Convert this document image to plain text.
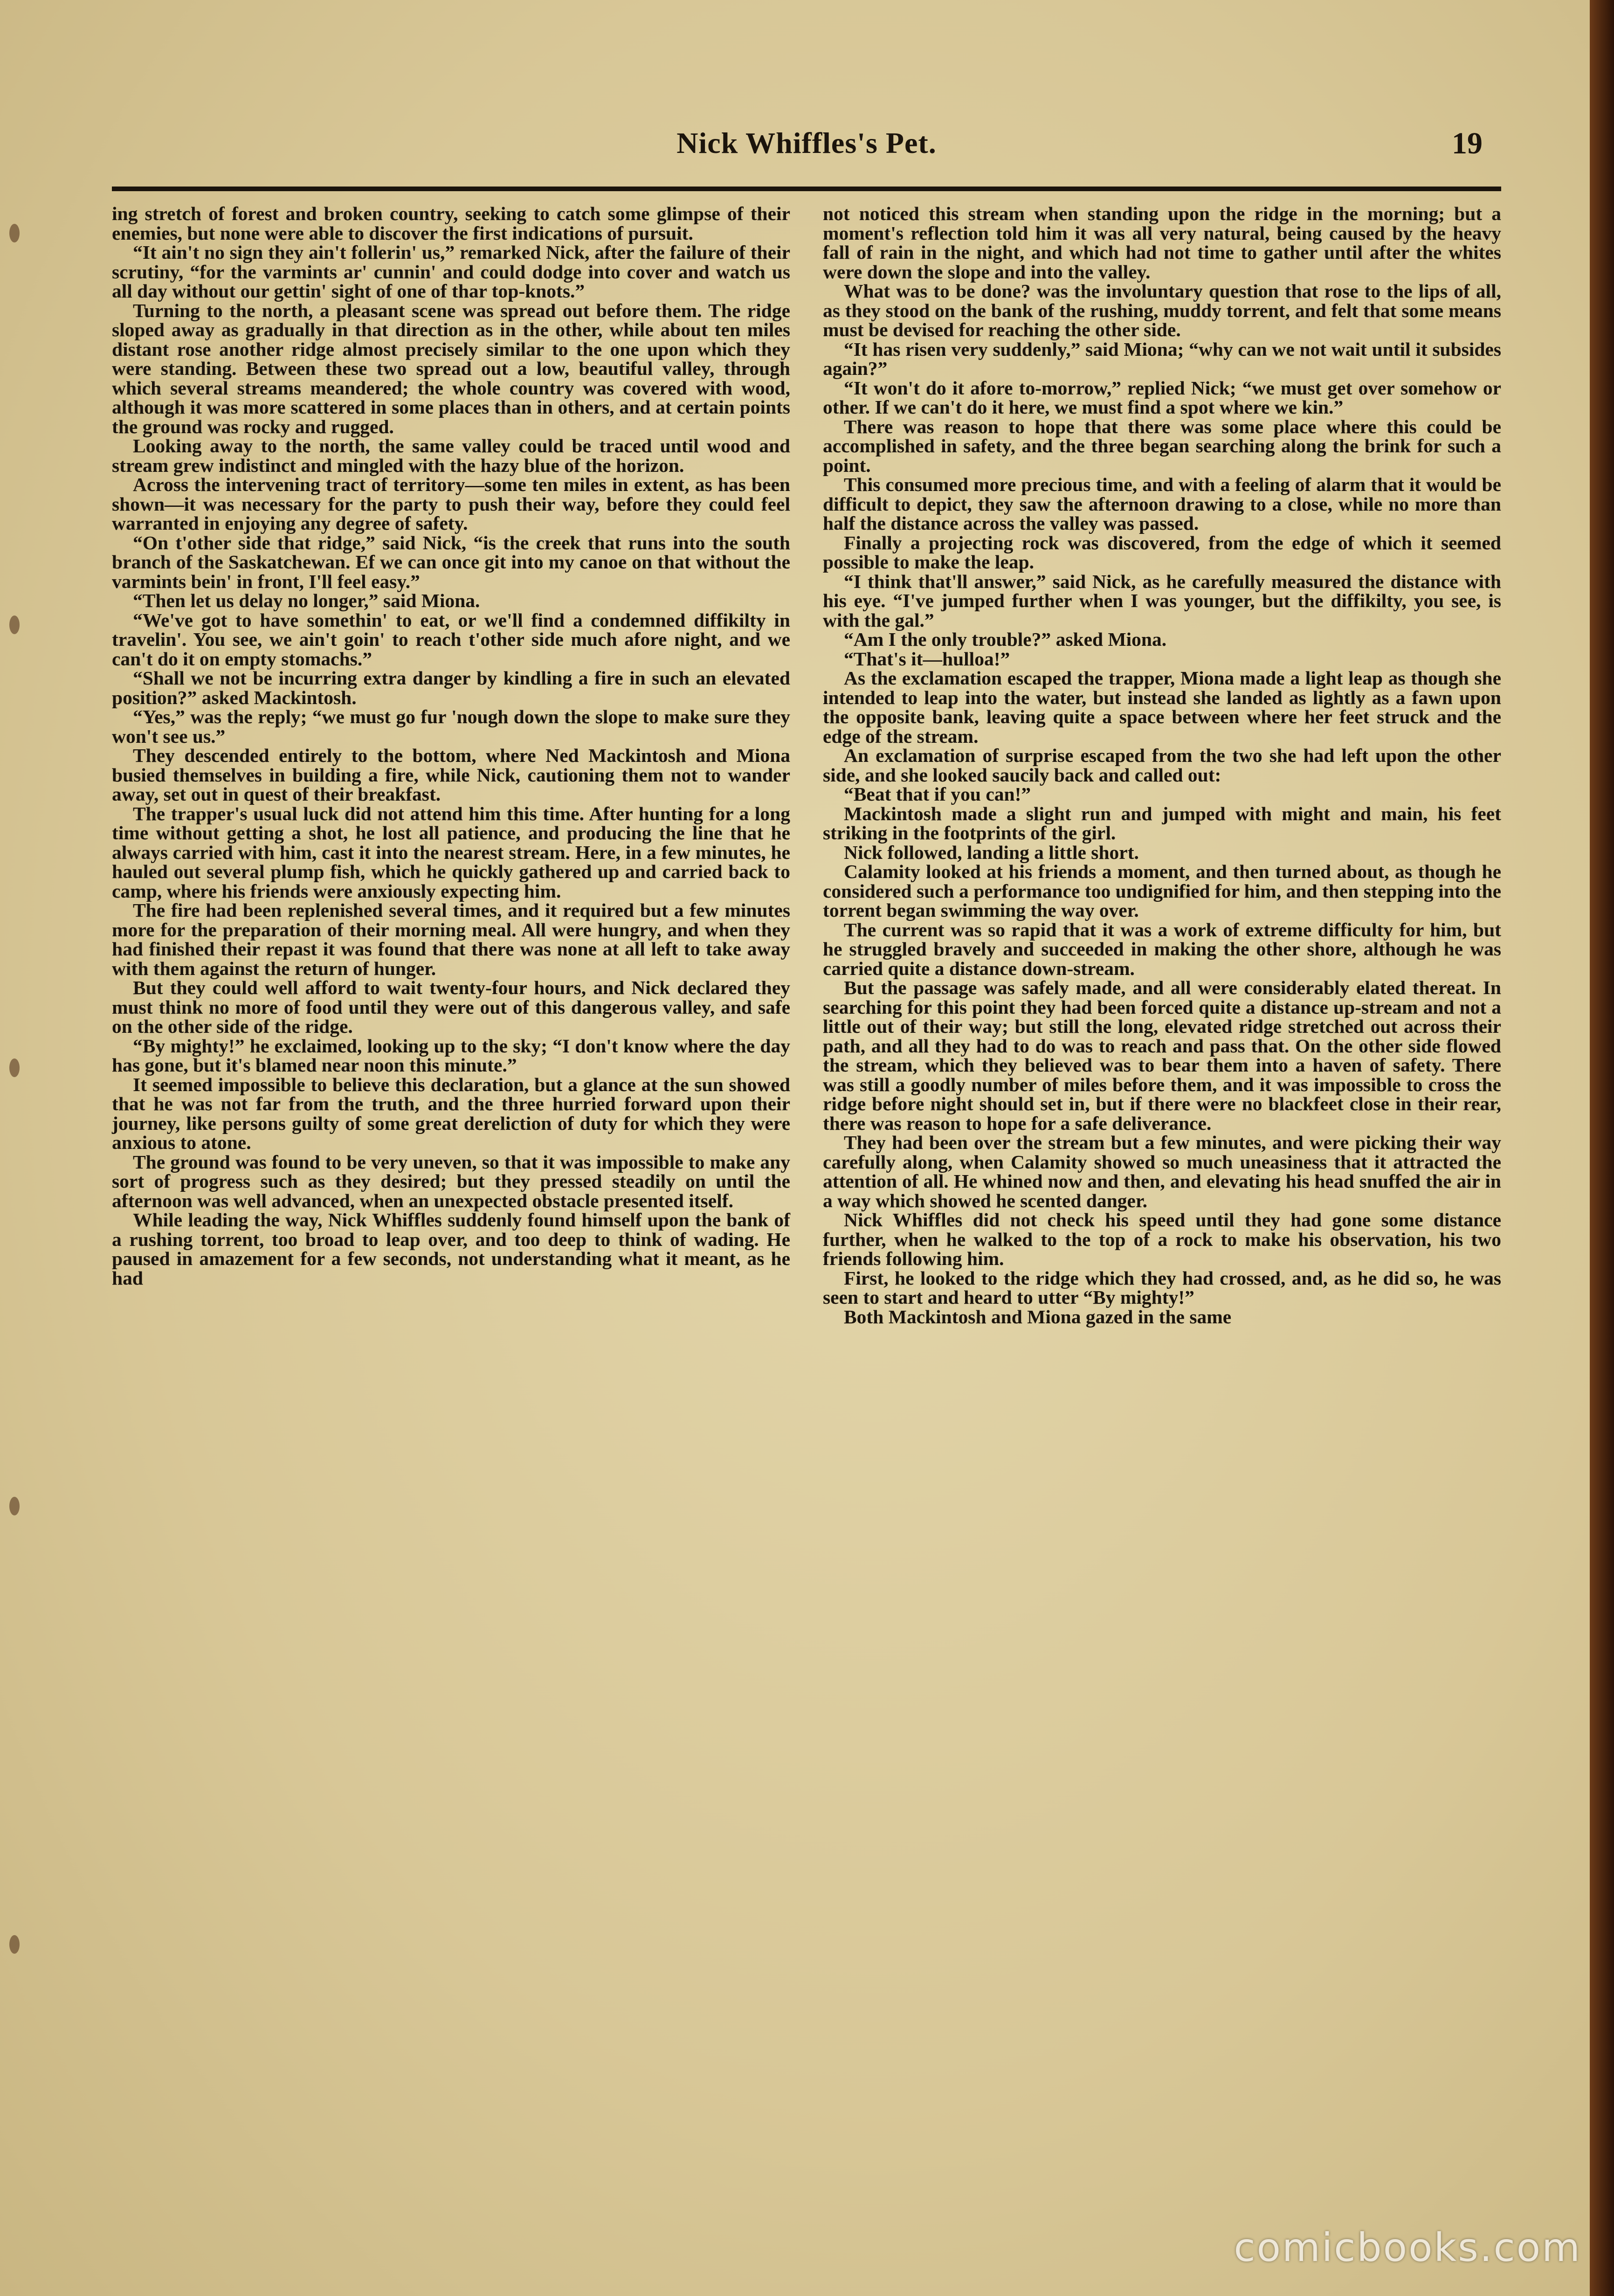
Nick Whiffles's Pet.	19

ing stretch of forest and broken country, seeking to catch some glimpse of their enemies, but none were able to discover the first indications of pursuit.

“It ain't no sign they ain't follerin' us,” remarked Nick, after the failure of their scrutiny, “for the varmints ar' cunnin' and could dodge into cover and watch us all day without our gettin' sight of one of thar top-knots.”

Turning to the north, a pleasant scene was spread out before them. The ridge sloped away as gradually in that direction as in the other, while about ten miles distant rose another ridge almost precisely similar to the one upon which they were standing. Between these two spread out a low, beautiful valley, through which several streams meandered; the whole country was covered with wood, although it was more scattered in some places than in others, and at certain points the ground was rocky and rugged.

Looking away to the north, the same valley could be traced until wood and stream grew indistinct and mingled with the hazy blue of the horizon.

Across the intervening tract of territory—some ten miles in extent, as has been shown—it was necessary for the party to push their way, before they could feel warranted in enjoying any degree of safety.

“On t'other side that ridge,” said Nick, “is the creek that runs into the south branch of the Saskatchewan. Ef we can once git into my canoe on that without the varmints bein' in front, I'll feel easy.”

“Then let us delay no longer,” said Miona.

“We've got to have somethin' to eat, or we'll find a condemned diffikilty in travelin'. You see, we ain't goin' to reach t'other side much afore night, and we can't do it on empty stomachs.”

“Shall we not be incurring extra danger by kindling a fire in such an elevated position?” asked Mackintosh.

“Yes,” was the reply; “we must go fur 'nough down the slope to make sure they won't see us.”

They descended entirely to the bottom, where Ned Mackintosh and Miona busied themselves in building a fire, while Nick, cautioning them not to wander away, set out in quest of their breakfast.

The trapper's usual luck did not attend him this time. After hunting for a long time without getting a shot, he lost all patience, and producing the line that he always carried with him, cast it into the nearest stream. Here, in a few minutes, he hauled out several plump fish, which he quickly gathered up and carried back to camp, where his friends were anxiously expecting him.

The fire had been replenished several times, and it required but a few minutes more for the preparation of their morning meal. All were hungry, and when they had finished their repast it was found that there was none at all left to take away with them against the return of hunger.

But they could well afford to wait twenty-four hours, and Nick declared they must think no more of food until they were out of this dangerous valley, and safe on the other side of the ridge.

“By mighty!” he exclaimed, looking up to the sky; “I don't know where the day has gone, but it's blamed near noon this minute.”

It seemed impossible to believe this declaration, but a glance at the sun showed that he was not far from the truth, and the three hurried forward upon their journey, like persons guilty of some great dereliction of duty for which they were anxious to atone.

The ground was found to be very uneven, so that it was impossible to make any sort of progress such as they desired; but they pressed steadily on until the afternoon was well advanced, when an unexpected obstacle presented itself.

While leading the way, Nick Whiffles suddenly found himself upon the bank of a rushing torrent, too broad to leap over, and too deep to think of wading. He paused in amazement for a few seconds, not understanding what it meant, as he had

not noticed this stream when standing upon the ridge in the morning; but a moment's reflection told him it was all very natural, being caused by the heavy fall of rain in the night, and which had not time to gather until after the whites were down the slope and into the valley.

What was to be done? was the involuntary question that rose to the lips of all, as they stood on the bank of the rushing, muddy torrent, and felt that some means must be devised for reaching the other side.

“It has risen very suddenly,” said Miona; “why can we not wait until it subsides again?”

“It won't do it afore to-morrow,” replied Nick; “we must get over somehow or other. If we can't do it here, we must find a spot where we kin.”

There was reason to hope that there was some place where this could be accomplished in safety, and the three began searching along the brink for such a point.

This consumed more precious time, and with a feeling of alarm that it would be difficult to depict, they saw the afternoon drawing to a close, while no more than half the distance across the valley was passed.

Finally a projecting rock was discovered, from the edge of which it seemed possible to make the leap.

“I think that'll answer,” said Nick, as he carefully measured the distance with his eye. “I've jumped further when I was younger, but the diffikilty, you see, is with the gal.”

“Am I the only trouble?” asked Miona.

“That's it—hulloa!”

As the exclamation escaped the trapper, Miona made a light leap as though she intended to leap into the water, but instead she landed as lightly as a fawn upon the opposite bank, leaving quite a space between where her feet struck and the edge of the stream.

An exclamation of surprise escaped from the two she had left upon the other side, and she looked saucily back and called out:

“Beat that if you can!”

Mackintosh made a slight run and jumped with might and main, his feet striking in the footprints of the girl.

Nick followed, landing a little short.

Calamity looked at his friends a moment, and then turned about, as though he considered such a performance too undignified for him, and then stepping into the torrent began swimming the way over.

The current was so rapid that it was a work of extreme difficulty for him, but he struggled bravely and succeeded in making the other shore, although he was carried quite a distance down-stream.

But the passage was safely made, and all were considerably elated thereat. In searching for this point they had been forced quite a distance up-stream and not a little out of their way; but still the long, elevated ridge stretched out across their path, and all they had to do was to reach and pass that. On the other side flowed the stream, which they believed was to bear them into a haven of safety. There was still a goodly number of miles before them, and it was impossible to cross the ridge before night should set in, but if there were no blackfeet close in their rear, there was reason to hope for a safe deliverance.

They had been over the stream but a few minutes, and were picking their way carefully along, when Calamity showed so much uneasiness that it attracted the attention of all. He whined now and then, and elevating his head snuffed the air in a way which showed he scented danger.

Nick Whiffles did not check his speed until they had gone some distance further, when he walked to the top of a rock to make his observation, his two friends following him.

First, he looked to the ridge which they had crossed, and, as he did so, he was seen to start and heard to utter “By mighty!”

Both Mackintosh and Miona gazed in the same

comicbooks.com
